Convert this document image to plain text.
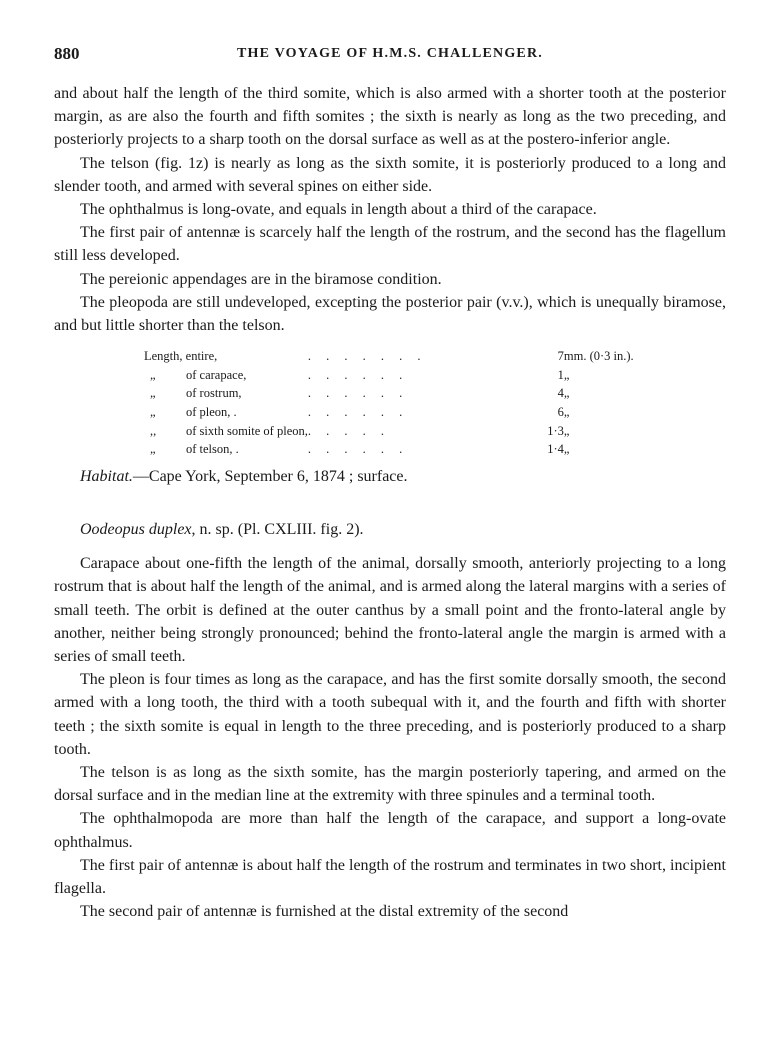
880	THE VOYAGE OF H.M.S. CHALLENGER.

and about half the length of the third somite, which is also armed with a shorter tooth at the posterior margin, as are also the fourth and fifth somites ; the sixth is nearly as long as the two preceding, and posteriorly projects to a sharp tooth on the dorsal surface as well as at the postero-inferior angle.

The telson (fig. 1z) is nearly as long as the sixth somite, it is posteriorly produced to a long and slender tooth, and armed with several spines on either side.

The ophthalmus is long-ovate, and equals in length about a third of the carapace.

The first pair of antennæ is scarcely half the length of the rostrum, and the second has the flagellum still less developed.

The pereionic appendages are in the biramose condition.

The pleopoda are still undeveloped, excepting the posterior pair (v.v.), which is unequally biramose, and but little shorter than the telson.

Length, entire,	. . . . . . .	7	mm. (0·3 in.).
„ of carapace,	. . . . . .	1	„
„ of rostrum,	. . . . . .	4	„
„ of pleon, .	. . . . . .	6	„
,, of sixth somite of pleon,	. . . . .	1·3	„
„ of telson, .	. . . . . .	1·4	„

Habitat.—Cape York, September 6, 1874 ; surface.

Oodeopus duplex, n. sp. (Pl. CXLIII. fig. 2).

Carapace about one-fifth the length of the animal, dorsally smooth, anteriorly projecting to a long rostrum that is about half the length of the animal, and is armed along the lateral margins with a series of small teeth. The orbit is defined at the outer canthus by a small point and the fronto-lateral angle by another, neither being strongly pronounced; behind the fronto-lateral angle the margin is armed with a series of small teeth.

The pleon is four times as long as the carapace, and has the first somite dorsally smooth, the second armed with a long tooth, the third with a tooth subequal with it, and the fourth and fifth with shorter teeth ; the sixth somite is equal in length to the three preceding, and is posteriorly produced to a sharp tooth.

The telson is as long as the sixth somite, has the margin posteriorly tapering, and armed on the dorsal surface and in the median line at the extremity with three spinules and a terminal tooth.

The ophthalmopoda are more than half the length of the carapace, and support a long-ovate ophthalmus.

The first pair of antennæ is about half the length of the rostrum and terminates in two short, incipient flagella.

The second pair of antennæ is furnished at the distal extremity of the second
